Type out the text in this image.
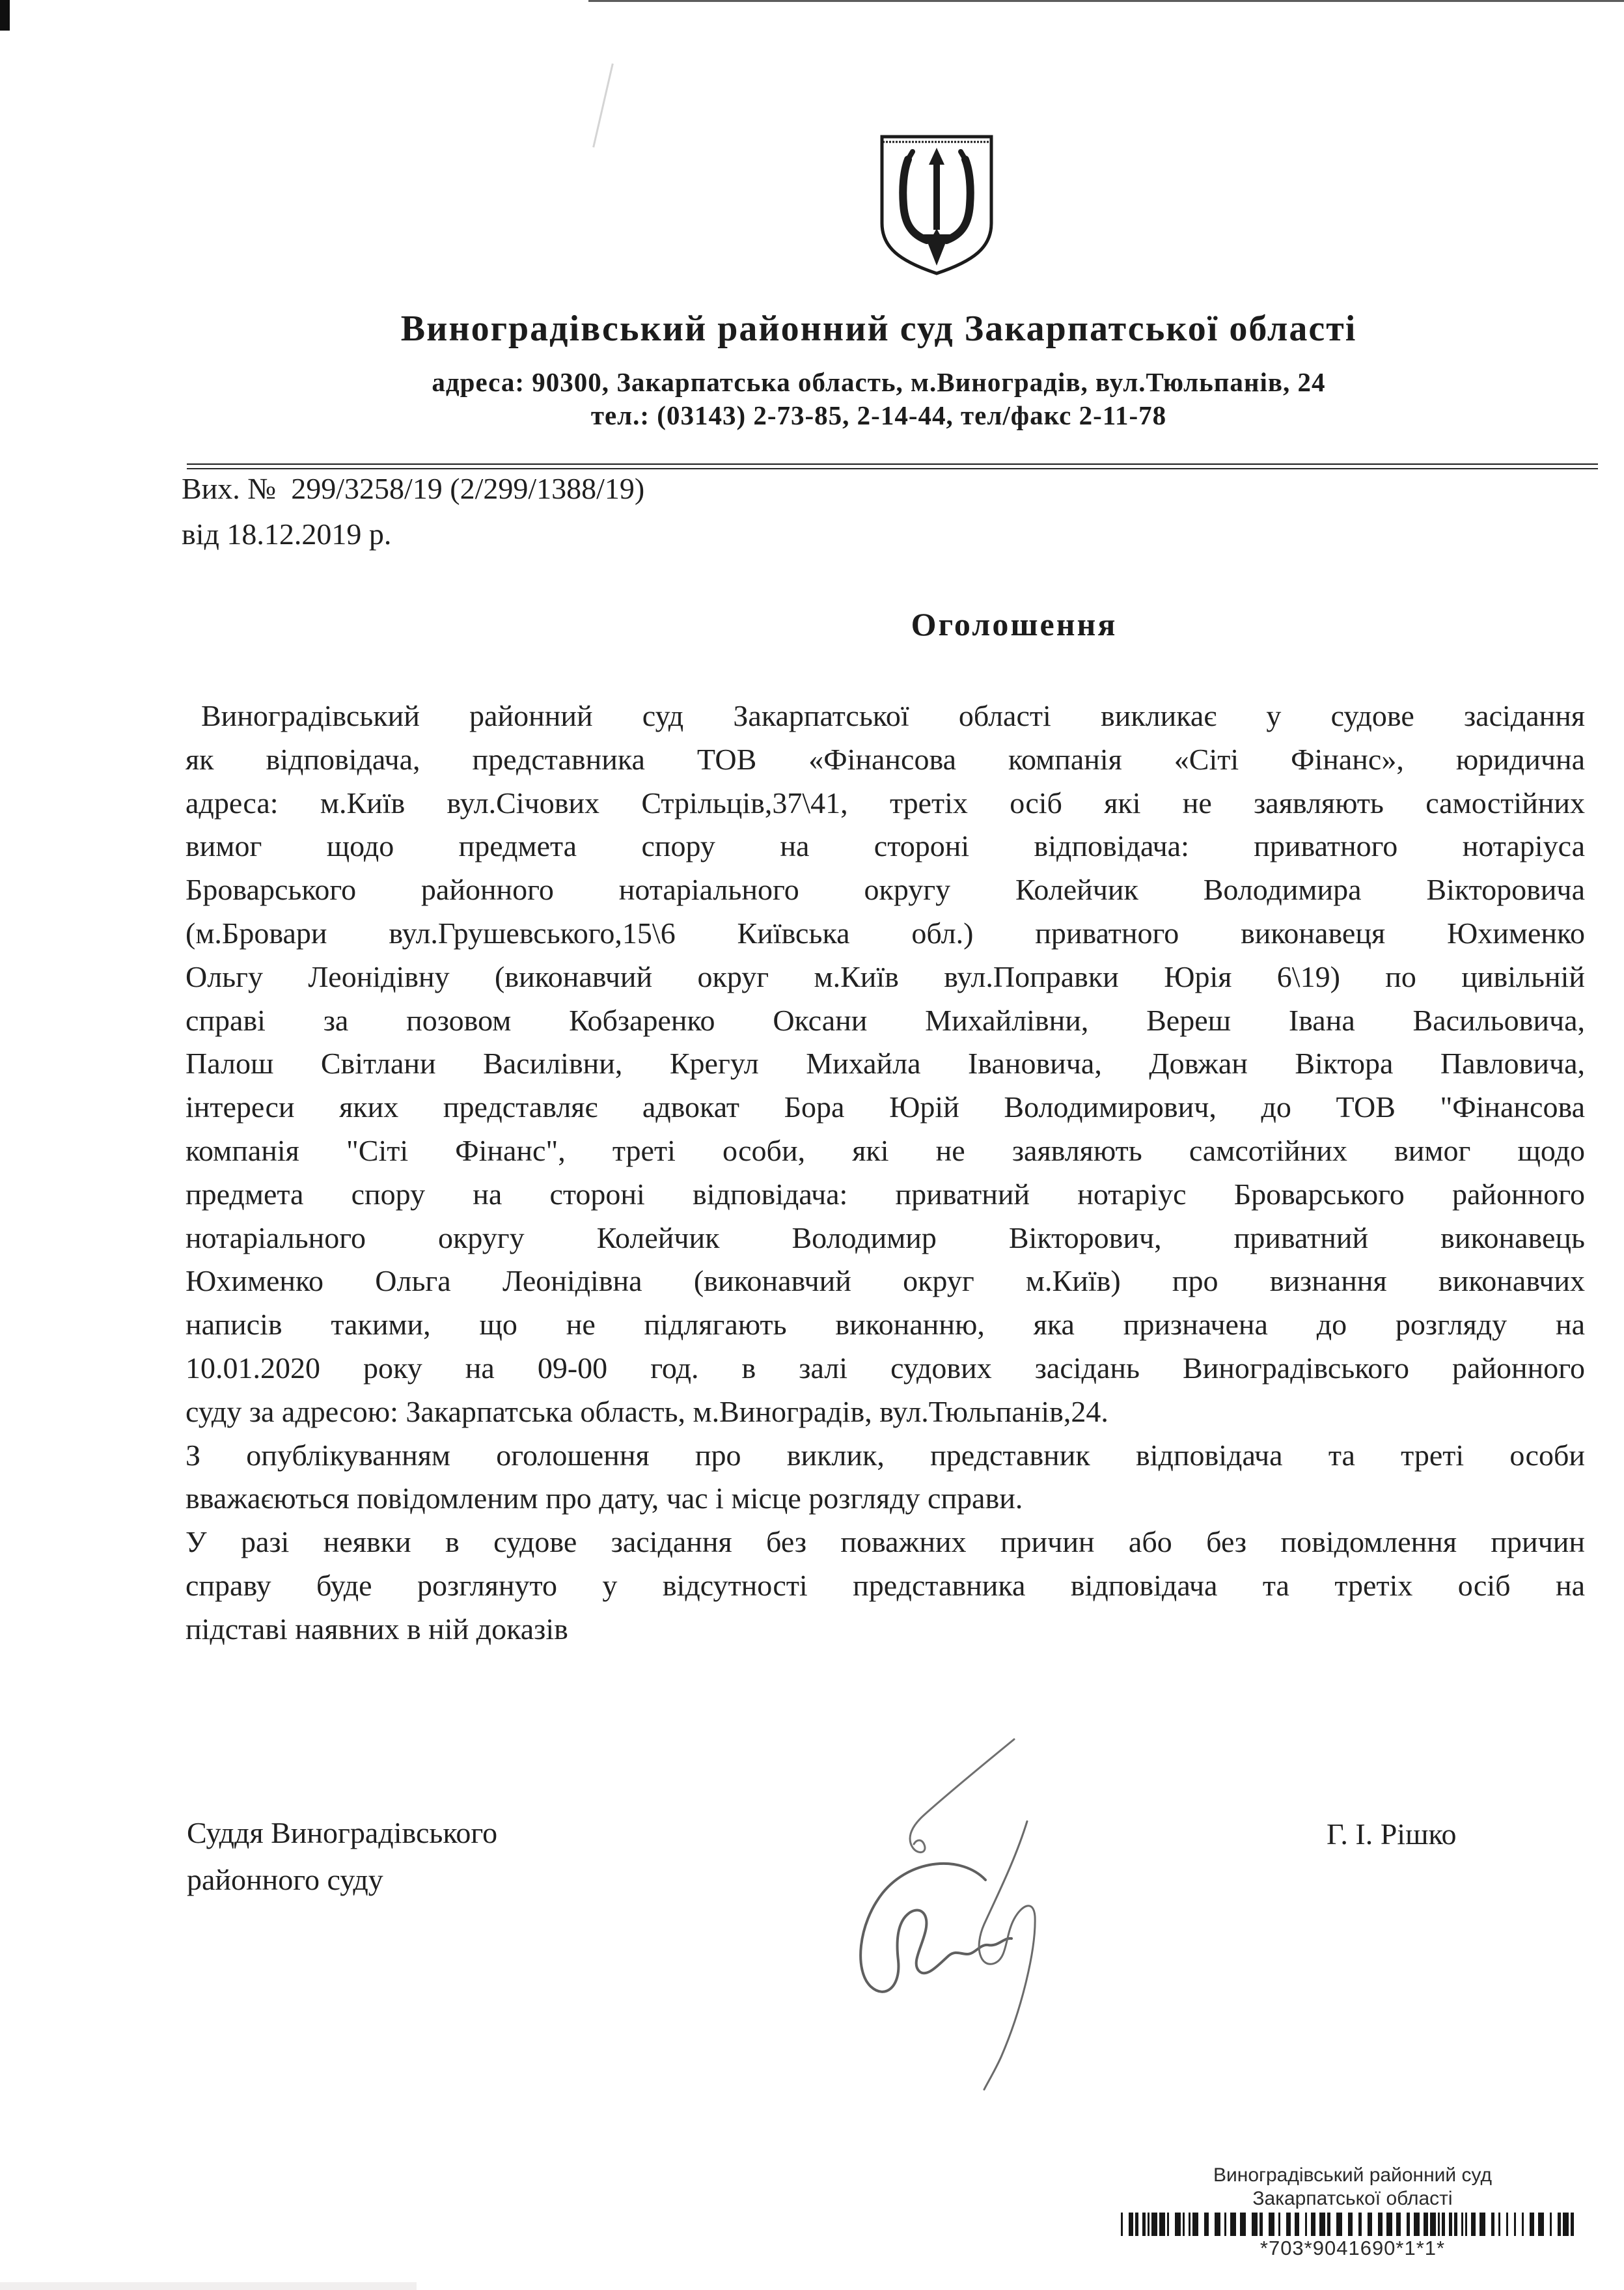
Виноградівський районний суд Закарпатської області
адреса: 90300, Закарпатська область, м.Виноградів, вул.Тюльпанів, 24
тел.: (03143) 2-73-85, 2-14-44, тел/факс 2-11-78
Вих. №  299/3258/19 (2/299/1388/19)
від 18.12.2019 р.
Оголошення
Виноградівський районний суд Закарпатської області викликає у судове засідання
як відповідача, представника ТОВ «Фінансова компанія «Сіті Фінанс», юридична
адреса: м.Київ вул.Січових Стрільців,37\41, третіх осіб які не заявляють самостійних
вимог щодо предмета спору на стороні відповідача: приватного нотаріуса
Броварського районного нотаріального округу Колейчик Володимира Вікторовича
(м.Бровари вул.Грушевського,15\6 Київська обл.) приватного виконавеця Юхименко
Ольгу Леонідівну (виконавчий округ м.Київ вул.Поправки Юрія 6\19) по цивільній
справі за позовом Кобзаренко Оксани Михайлівни, Вереш Івана Васильовича,
Палош Світлани Василівни, Крегул Михайла Івановича, Довжан Віктора Павловича,
інтереси яких представляє адвокат Бора Юрій Володимирович, до ТОВ "Фінансова
компанія "Сіті Фінанс", треті особи, які не заявляють самсотійних вимог щодо
предмета спору на стороні відповідача: приватний нотаріус Броварського районного
нотаріального округу Колейчик Володимир Вікторович, приватний виконавець
Юхименко Ольга Леонідівна (виконавчий округ м.Київ) про визнання виконавчих
написів такими, що не підлягають виконанню, яка призначена до розгляду на
10.01.2020 року на 09-00 год. в залі судових засідань Виноградівського районного
суду за адресою: Закарпатська область, м.Виноградів, вул.Тюльпанів,24.
З опублікуванням оголошення про виклик, представник відповідача та треті особи
вважаєються повідомленим про дату, час і місце розгляду справи.
У разі неявки в судове засідання без поважних причин або без повідомлення причин
справу буде розглянуто у відсутності представника відповідача та третіх осіб на
підставі наявних в ній доказів
Суддя Виноградівського
районного суду
Г. І. Рішко
Виноградівський районний суд
Закарпатської області
*703*9041690*1*1*
